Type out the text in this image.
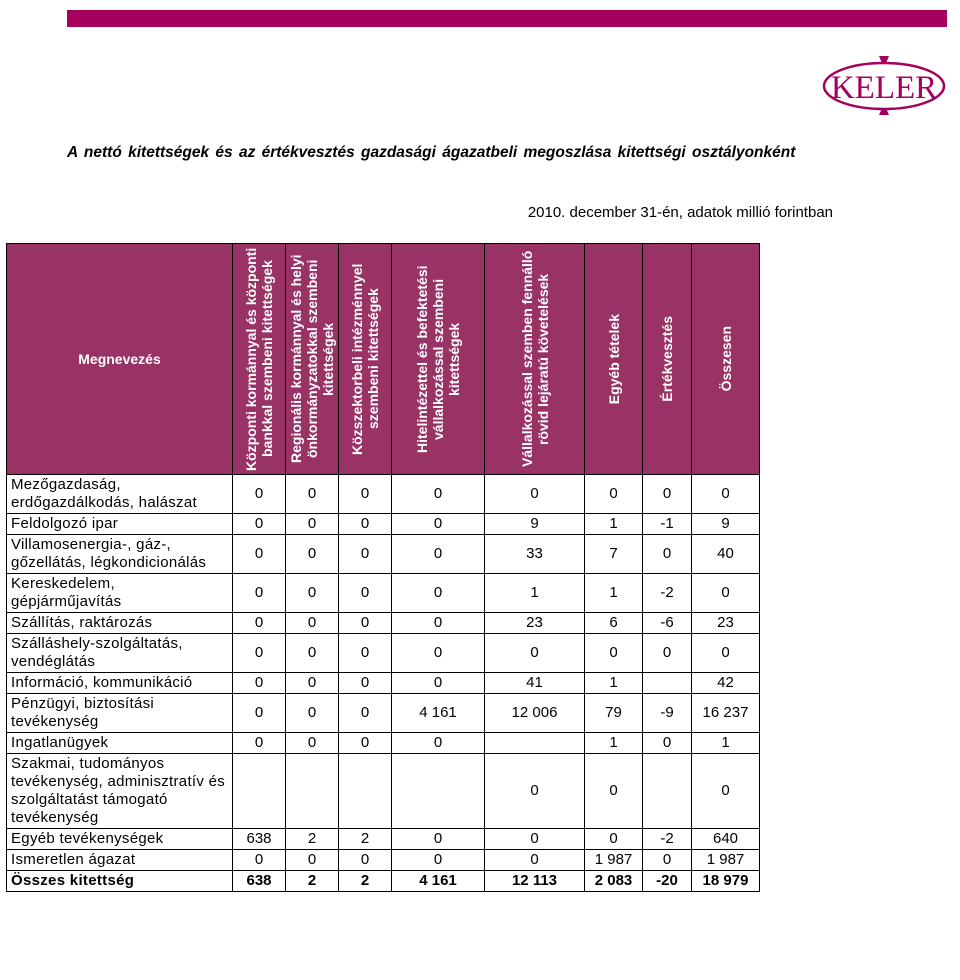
KELER
A nettó kitettségek és az értékvesztés gazdasági ágazatbeli megoszlása kitettségi osztályonként
2010. december 31-én, adatok millió forintban
Megnevezés	Központi kormánnyal és központi bankkal szembeni kitettségek	Regionális kormánnyal és helyi önkormányzatokkal szembeni kitettségek	Közszektorbeli intézménnyel szembeni kitettségek	Hitelintézettel és befektetési vállalkozással szembeni kitettségek	Vállalkozással szemben fennálló rövid lejáratú követelések	Egyéb tételek	Értékvesztés	Összesen

Mezőgazdaság, erdőgazdálkodás, halászat	0	0	0	0	0	0	0	0
Feldolgozó ipar	0	0	0	0	9	1	-1	9
Villamosenergia-, gáz-, gőzellátás, légkondicionálás	0	0	0	0	33	7	0	40
Kereskedelem, gépjárműjavítás	0	0	0	0	1	1	-2	0
Szállítás, raktározás	0	0	0	0	23	6	-6	23
Szálláshely-szolgáltatás, vendéglátás	0	0	0	0	0	0	0	0
Információ, kommunikáció	0	0	0	0	41	1		42
Pénzügyi, biztosítási tevékenység	0	0	0	4 161	12 006	79	-9	16 237
Ingatlanügyek	0	0	0	0		1	0	1
Szakmai, tudományos tevékenység, adminisztratív és szolgáltatást támogató tevékenység					0	0		0
Egyéb tevékenységek	638	2	2	0	0	0	-2	640
Ismeretlen ágazat	0	0	0	0	0	1 987	0	1 987
Összes kitettség	638	2	2	4 161	12 113	2 083	-20	18 979
